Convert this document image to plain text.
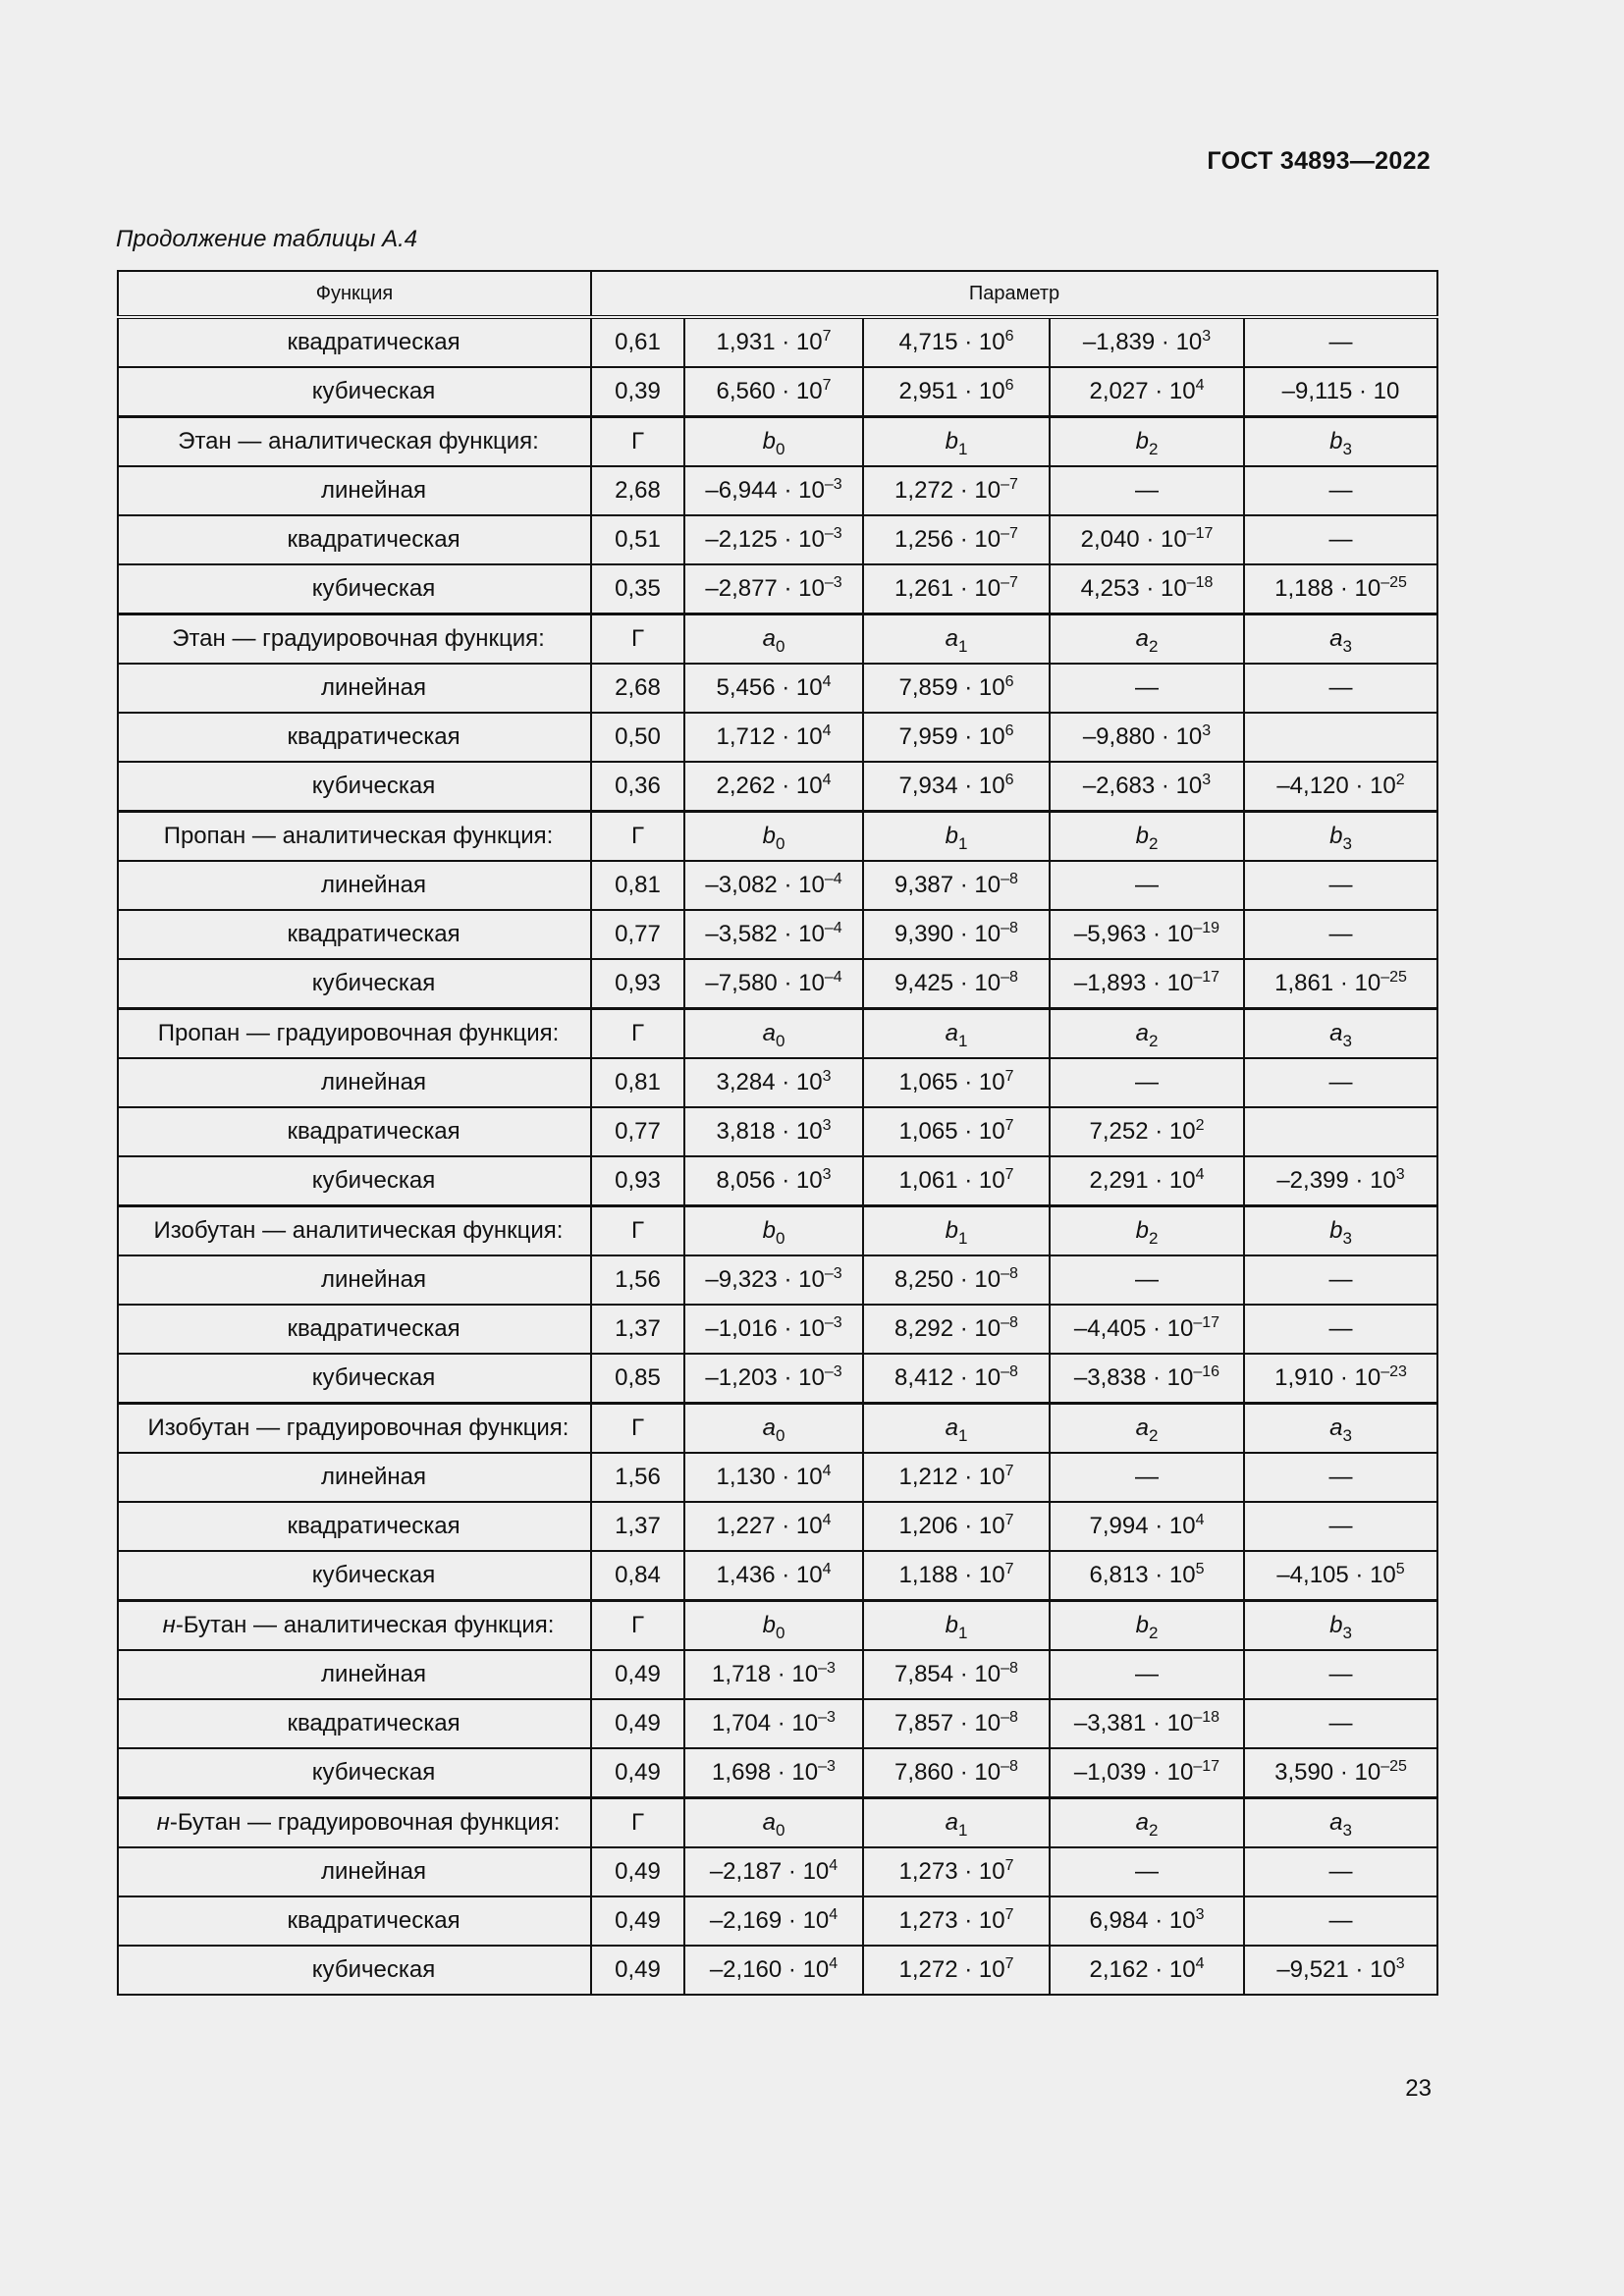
ГОСТ 34893—2022
Продолжение таблицы А.4
Функция	Параметр				
квадратическая	0,61	$1,931 \cdot 10^7$	$4,715 \cdot 10^6$	$-1,839 \cdot 10^3$	—
кубическая	0,39	$6,560 \cdot 10^7$	$2,951 \cdot 10^6$	$2,027 \cdot 10^4$	–9,115 · 10
Этан — аналитическая функция:	Г	$b_0$	$b_1$	$b_2$	$b_3$
линейная	2,68	$-6,944 \cdot 10^{-3}$	$1,272 \cdot 10^{-7}$	—	—
квадратическая	0,51	$-2,125 \cdot 10^{-3}$	$1,256 \cdot 10^{-7}$	$2,040 \cdot 10^{-17}$	—
кубическая	0,35	$-2,877 \cdot 10^{-3}$	$1,261 \cdot 10^{-7}$	$4,253 \cdot 10^{-18}$	$1,188 \cdot 10^{-25}$
Этан — градуировочная функция:	Г	$a_0$	$a_1$	$a_2$	$a_3$
линейная	2,68	$5,456 \cdot 10^4$	$7,859 \cdot 10^6$	—	—
квадратическая	0,50	$1,712 \cdot 10^4$	$7,959 \cdot 10^6$	$-9,880 \cdot 10^3$	
кубическая	0,36	$2,262 \cdot 10^4$	$7,934 \cdot 10^6$	$-2,683 \cdot 10^3$	$-4,120 \cdot 10^2$
Пропан — аналитическая функция:	Г	$b_0$	$b_1$	$b_2$	$b_3$
линейная	0,81	$-3,082 \cdot 10^{-4}$	$9,387 \cdot 10^{-8}$	—	—
квадратическая	0,77	$-3,582 \cdot 10^{-4}$	$9,390 \cdot 10^{-8}$	$-5,963 \cdot 10^{-19}$	—
кубическая	0,93	$-7,580 \cdot 10^{-4}$	$9,425 \cdot 10^{-8}$	$-1,893 \cdot 10^{-17}$	$1,861 \cdot 10^{-25}$
Пропан — градуировочная функция:	Г	$a_0$	$a_1$	$a_2$	$a_3$
линейная	0,81	$3,284 \cdot 10^3$	$1,065 \cdot 10^7$	—	—
квадратическая	0,77	$3,818 \cdot 10^3$	$1,065 \cdot 10^7$	$7,252 \cdot 10^2$	
кубическая	0,93	$8,056 \cdot 10^3$	$1,061 \cdot 10^7$	$2,291 \cdot 10^4$	$-2,399 \cdot 10^3$
Изобутан — аналитическая функция:	Г	$b_0$	$b_1$	$b_2$	$b_3$
линейная	1,56	$-9,323 \cdot 10^{-3}$	$8,250 \cdot 10^{-8}$	—	—
квадратическая	1,37	$-1,016 \cdot 10^{-3}$	$8,292 \cdot 10^{-8}$	$-4,405 \cdot 10^{-17}$	—
кубическая	0,85	$-1,203 \cdot 10^{-3}$	$8,412 \cdot 10^{-8}$	$-3,838 \cdot 10^{-16}$	$1,910 \cdot 10^{-23}$
Изобутан — градуировочная функция:	Г	$a_0$	$a_1$	$a_2$	$a_3$
линейная	1,56	$1,130 \cdot 10^4$	$1,212 \cdot 10^7$	—	—
квадратическая	1,37	$1,227 \cdot 10^4$	$1,206 \cdot 10^7$	$7,994 \cdot 10^4$	—
кубическая	0,84	$1,436 \cdot 10^4$	$1,188 \cdot 10^7$	$6,813 \cdot 10^5$	$-4,105 \cdot 10^5$
н-Бутан — аналитическая функция:	Г	$b_0$	$b_1$	$b_2$	$b_3$
линейная	0,49	$1,718 \cdot 10^{-3}$	$7,854 \cdot 10^{-8}$	—	—
квадратическая	0,49	$1,704 \cdot 10^{-3}$	$7,857 \cdot 10^{-8}$	$-3,381 \cdot 10^{-18}$	—
кубическая	0,49	$1,698 \cdot 10^{-3}$	$7,860 \cdot 10^{-8}$	$-1,039 \cdot 10^{-17}$	$3,590 \cdot 10^{-25}$
н-Бутан — градуировочная функция:	Г	$a_0$	$a_1$	$a_2$	$a_3$
линейная	0,49	$-2,187 \cdot 10^4$	$1,273 \cdot 10^7$	—	—
квадратическая	0,49	$-2,169 \cdot 10^4$	$1,273 \cdot 10^7$	$6,984 \cdot 10^3$	—
кубическая	0,49	$-2,160 \cdot 10^4$	$1,272 \cdot 10^7$	$2,162 \cdot 10^4$	$-9,521 \cdot 10^3$
23
